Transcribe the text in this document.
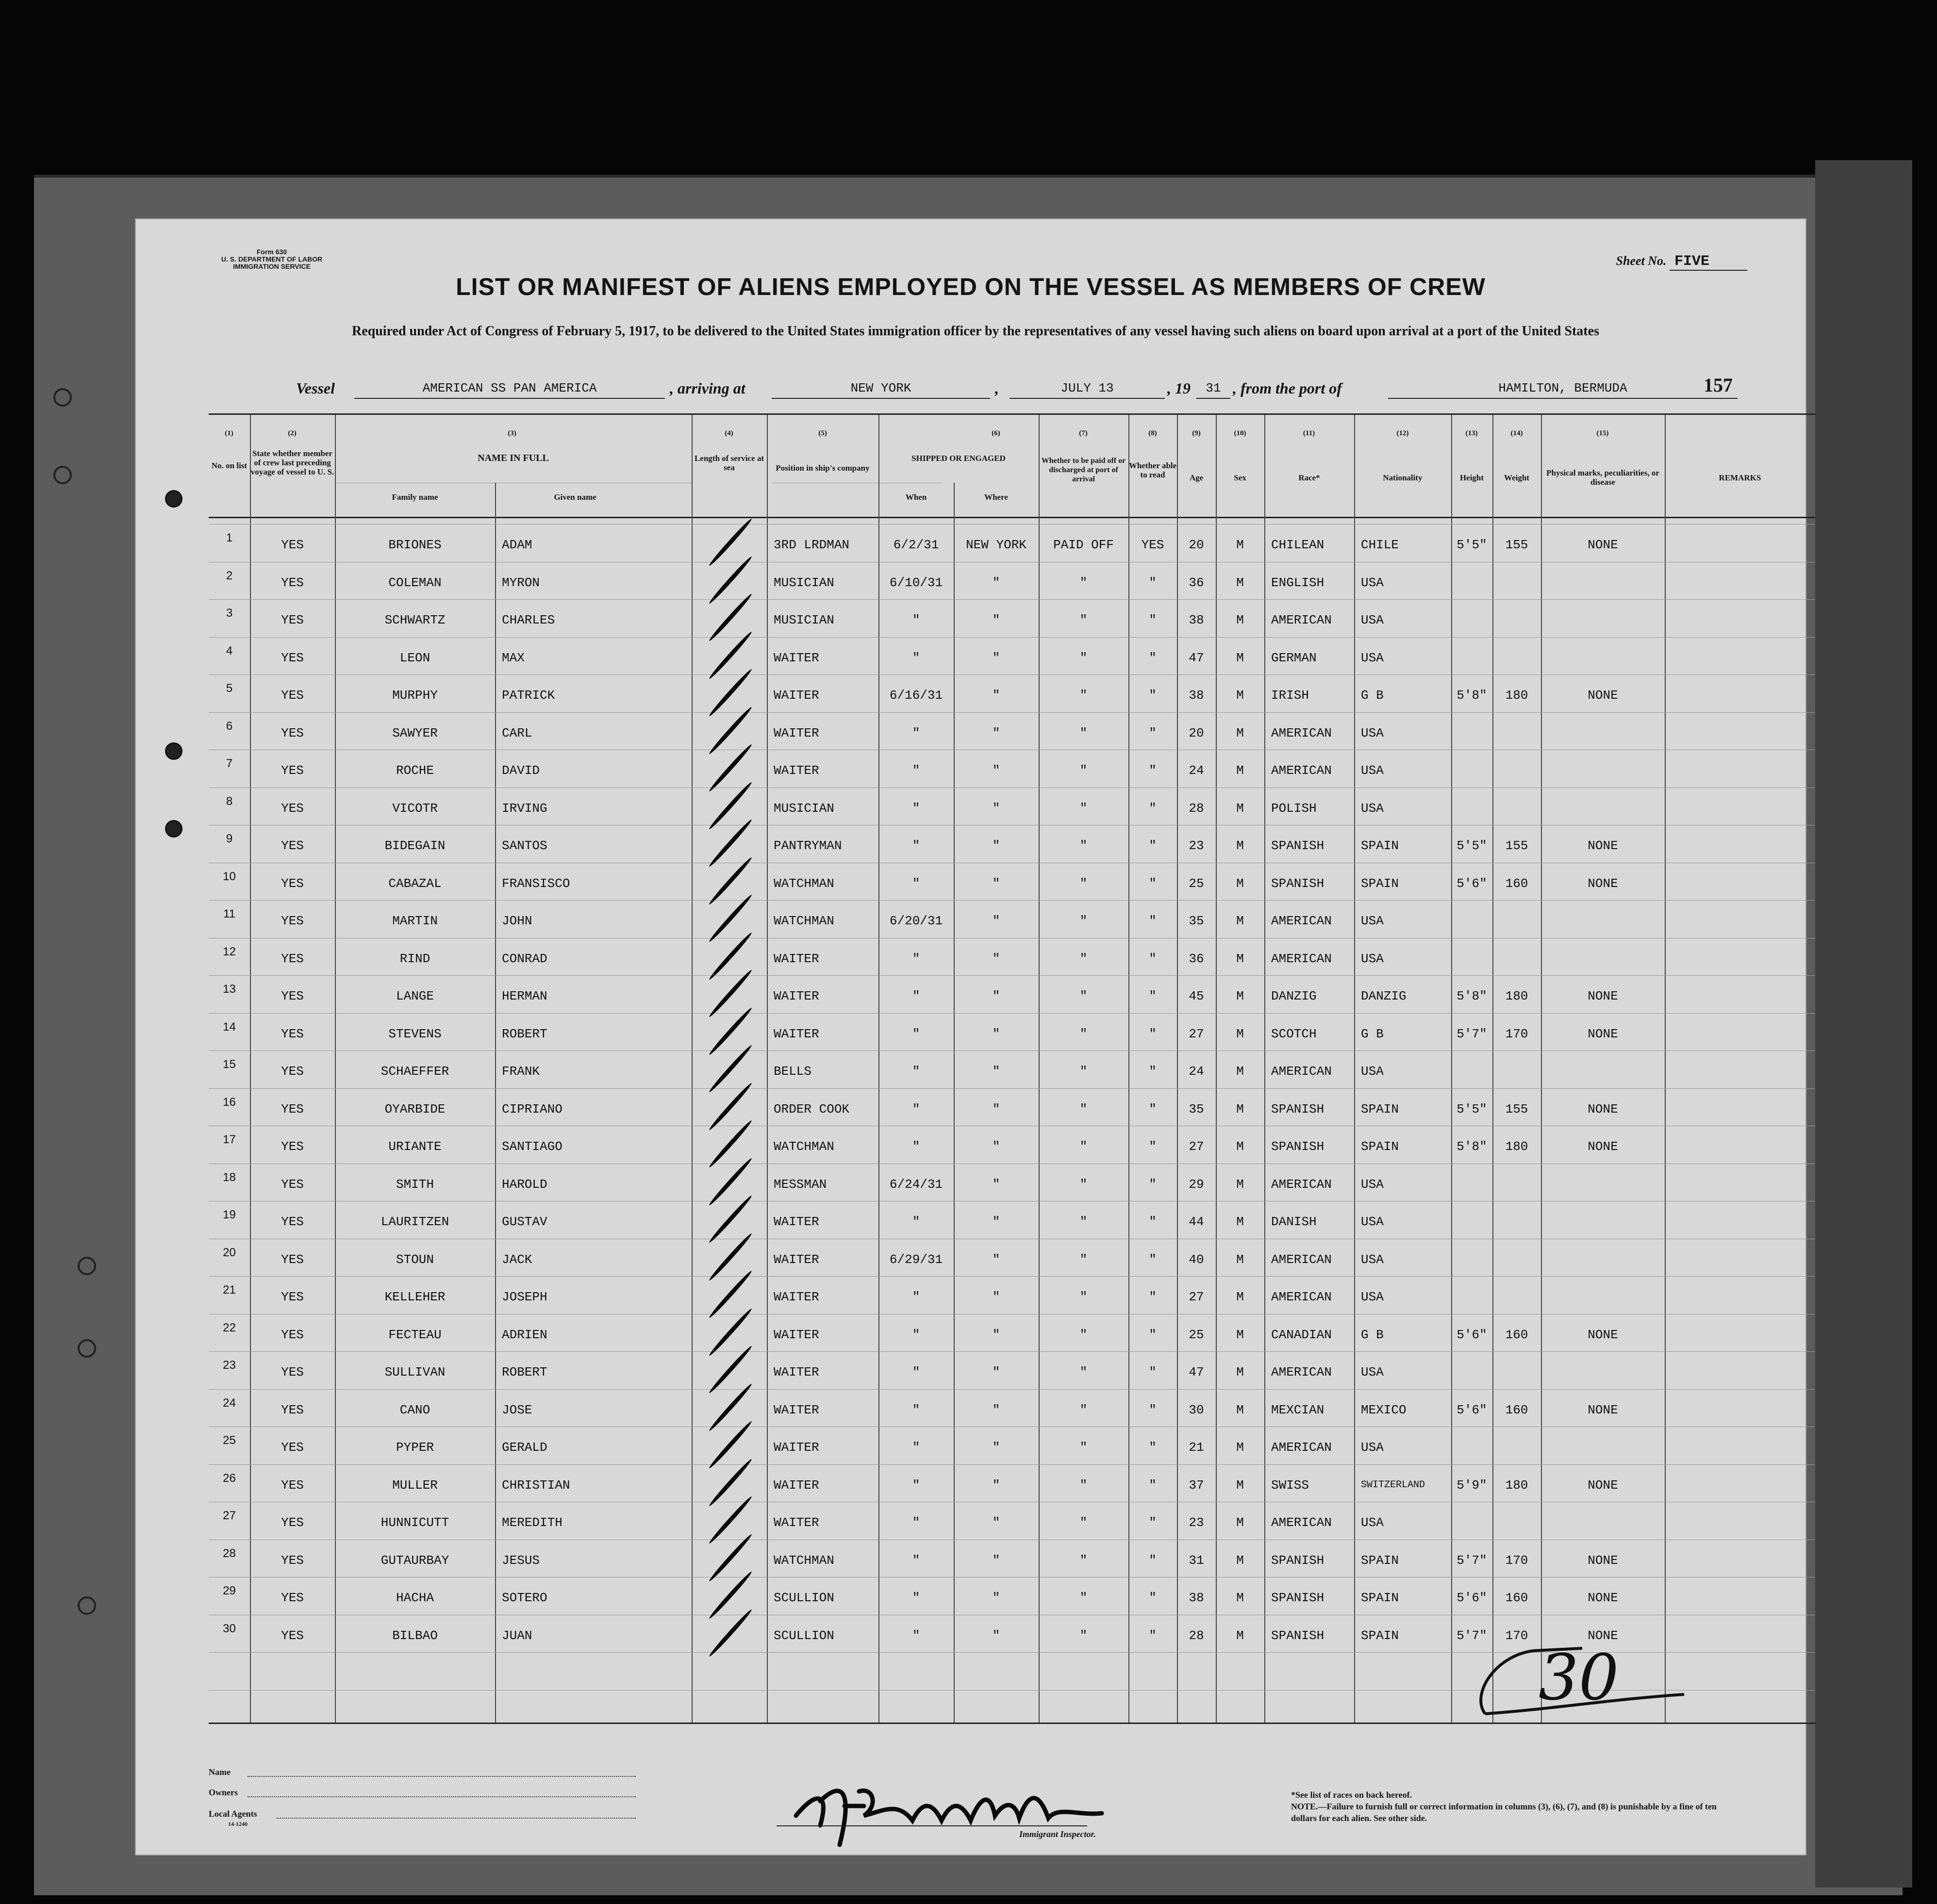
Form 630
U. S. DEPARTMENT OF LABOR
IMMIGRATION SERVICE	Sheet No. FIVE
LIST OR MANIFEST OF ALIENS EMPLOYED ON THE VESSEL AS MEMBERS OF CREW
Required under Act of Congress of February 5, 1917, to be delivered to the United States immigration officer by the representatives of any vessel having such aliens on board upon arrival at a port of the United States
Vessel	AMERICAN SS PAN AMERICA	, arriving at	NEW YORK	,	JULY 13	, 19	31 , from the port of	HAMILTON, BERMUDA	157
No. on list
State whether member of crew last preceding voyage of vessel to U. S.
NAME IN FULL
Family name	Given name
Length of service at sea	Position in ship's company
SHIPPED OR ENGAGED
When	Where
Whether to be paid off or discharged at port of arrival
Whether able to read	Age	Sex	Race*	Nationality	Height	Weight
Physical marks, peculiarities, or disease	REMARKS
(1)	(2)	(3)	(4)	(5)	(6)	(7)	(8)	(9)	(10)	(11)	(12)	(13)	(14)	(15)
1	YES	BRIONES	ADAM	3RD LRDMAN	6/2/31	NEW YORK	PAID OFF	YES	20	M	CHILEAN	CHILE	5'5"	155	NONE
2	YES	COLEMAN	MYRON	MUSICIAN	6/10/31	"	"	"	36	M	ENGLISH	USA
3	YES	SCHWARTZ	CHARLES	MUSICIAN	"	"	"	"	38	M	AMERICAN USA
4	YES	LEON	MAX	WAITER	"	"	"	"	47	M	GERMAN	USA
5	YES	MURPHY	PATRICK	WAITER	6/16/31	"	"	"	38	M	IRISH	G B	5'8"	180	NONE
6	YES	SAWYER	CARL	WAITER	"	"	"	"	20	M	AMERICAN USA
7	YES	ROCHE	DAVID	WAITER	"	"	"	"	24	M	AMERICAN USA
8	YES	VICOTR	IRVING	MUSICIAN	"	"	"	"	28	M	POLISH	USA
9	YES	BIDEGAIN	SANTOS	PANTRYMAN	"	"	"	"	23	M	SPANISH	SPAIN	5'5"	155	NONE
10	YES	CABAZAL	FRANSISCO	WATCHMAN	"	"	"	"	25	M	SPANISH	SPAIN	5'6"	160	NONE
11	YES	MARTIN	JOHN	WATCHMAN	6/20/31	"	"	"	35	M	AMERICAN USA
12	YES	RIND	CONRAD	WAITER	"	"	"	"	36	M	AMERICAN USA
13	YES	LANGE	HERMAN	WAITER	"	"	"	"	45	M	DANZIG	DANZIG	5'8"	180	NONE
14	YES	STEVENS	ROBERT	WAITER	"	"	"	"	27	M	SCOTCH	G B	5'7"	170	NONE
15	YES	SCHAEFFER	FRANK	BELLS	"	"	"	"	24	M	AMERICAN USA
16	YES	OYARBIDE	CIPRIANO	ORDER COOK	"	"	"	"	35	M	SPANISH	SPAIN	5'5"	155	NONE
17	YES	URIANTE	SANTIAGO	WATCHMAN	"	"	"	"	27	M	SPANISH	SPAIN	5'8"	180	NONE
18	YES	SMITH	HAROLD	MESSMAN	6/24/31	"	"	"	29	M	AMERICAN USA
19	YES	LAURITZEN	GUSTAV	WAITER	"	"	"	"	44	M	DANISH	USA
20	YES	STOUN	JACK	WAITER	6/29/31	"	"	"	40	M	AMERICAN USA
21	YES	KELLEHER	JOSEPH	WAITER	"	"	"	"	27	M	AMERICAN USA
22	YES	FECTEAU	ADRIEN	WAITER	"	"	"	"	25	M	CANADIAN G B	5'6"	160	NONE
23	YES	SULLIVAN	ROBERT	WAITER	"	"	"	"	47	M	AMERICAN USA
24	YES	CANO	JOSE	WAITER	"	"	"	"	30	M	MEXCIAN	MEXICO	5'6"	160	NONE
25	YES	PYPER	GERALD	WAITER	"	"	"	"	21	M	AMERICAN USA
26	YES	MULLER	CHRISTIAN	WAITER	"	"	"	"	37	M	SWISS	SWITZERLAND	5'9"	180	NONE
27	YES	HUNNICUTT	MEREDITH	WAITER	"	"	"	"	23	M	AMERICAN USA
28	YES	GUTAURBAY	JESUS	WATCHMAN	"	"	"	"	31	M	SPANISH	SPAIN	5'7"	170	NONE
29	YES	HACHA	SOTERO	SCULLION	"	"	"	"	38	M	SPANISH	SPAIN	5'6"	160	NONE
30	YES	BILBAO	JUAN	SCULLION	"	"	"	"	28	M	SPANISH	SPAIN	5'7"	170	NONE
Name
Owners
Local Agents
14-1240
Immigrant Inspector.
*See list of races on back hereof.
NOTE.—Failure to furnish full or correct information in columns (3), (6), (7), and (8) is punishable by a fine of ten dollars for each alien. See other side.
30
